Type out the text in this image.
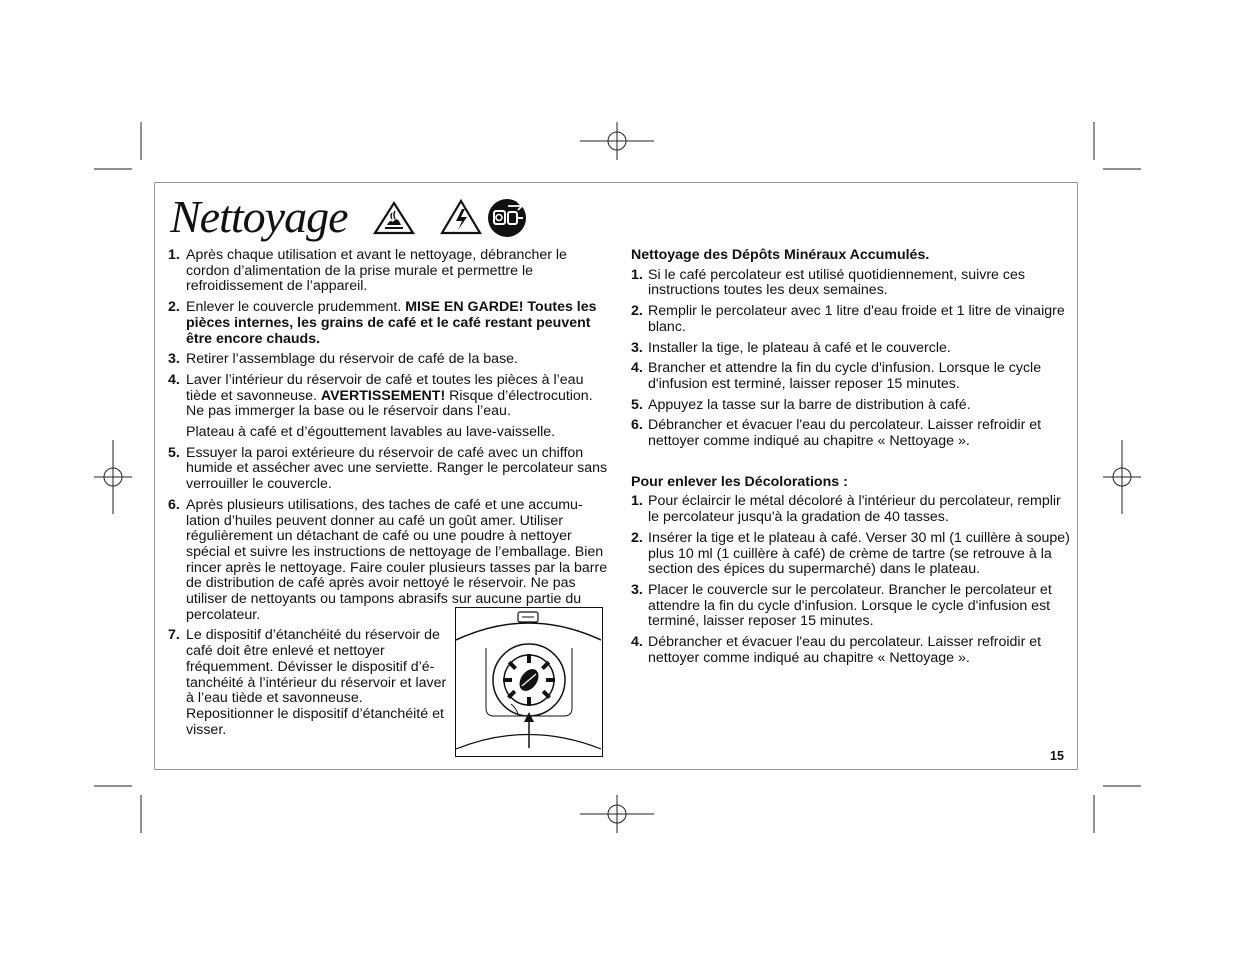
Nettoyage
1. Après chaque utilisation et avant le nettoyage, débrancher le cordon d’alimentation de la prise murale et permettre le refroidissement de l’appareil.
2. Enlever le couvercle prudemment. MISE EN GARDE! Toutes les pièces internes, les grains de café et le café restant peuvent être encore chauds.
3. Retirer l’assemblage du réservoir de café de la base.
4. Laver l’intérieur du réservoir de café et toutes les pièces à l’eau tiède et savonneuse. AVERTISSEMENT! Risque d’électrocution. Ne pas immerger la base ou le réservoir dans l’eau.
Plateau à café et d’égouttement lavables au lave-vaisselle.
5. Essuyer la paroi extérieure du réservoir de café avec un chiffon humide et assécher avec une serviette. Ranger le percolateur sans verrouiller le couvercle.
6. Après plusieurs utilisations, des taches de café et une accumulation d’huiles peuvent donner au café un goût amer. Utiliser régulièrement un détachant de café ou une poudre à nettoyer spécial et suivre les instructions de nettoyage de l’emballage. Bien rincer après le nettoyage. Faire couler plusieurs tasses par la barre de distribution de café après avoir nettoyé le réservoir. Ne pas utiliser de nettoyants ou tampons abrasifs sur aucune partie du percolateur.
7. Le dispositif d’étanchéité du réservoir de café doit être enlevé et nettoyer fréquemment. Dévisser le dispositif d’étanchéité à l’intérieur du réservoir et laver à l’eau tiède et savonneuse. Repositionner le dispositif d’étanchéité et visser.
Nettoyage des Dépôts Minéraux Accumulés.
1. Si le café percolateur est utilisé quotidiennement, suivre ces instructions toutes les deux semaines.
2. Remplir le percolateur avec 1 litre d'eau froide et 1 litre de vinaigre blanc.
3. Installer la tige, le plateau à café et le couvercle.
4. Brancher et attendre la fin du cycle d'infusion. Lorsque le cycle d'infusion est terminé, laisser reposer 15 minutes.
5. Appuyez la tasse sur la barre de distribution à café.
6. Débrancher et évacuer l'eau du percolateur. Laisser refroidir et nettoyer comme indiqué au chapitre « Nettoyage ».
Pour enlever les Décolorations :
1. Pour éclaircir le métal décoloré à l'intérieur du percolateur, remplir le percolateur jusqu'à la gradation de 40 tasses.
2. Insérer la tige et le plateau à café. Verser 30 ml (1 cuillère à soupe) plus 10 ml (1 cuillère à café) de crème de tartre (se retrouve à la section des épices du supermarché) dans le plateau.
3. Placer le couvercle sur le percolateur. Brancher le percolateur et attendre la fin du cycle d'infusion. Lorsque le cycle d'infusion est terminé, laisser reposer 15 minutes.
4. Débrancher et évacuer l'eau du percolateur. Laisser refroidir et nettoyer comme indiqué au chapitre « Nettoyage ».
15
